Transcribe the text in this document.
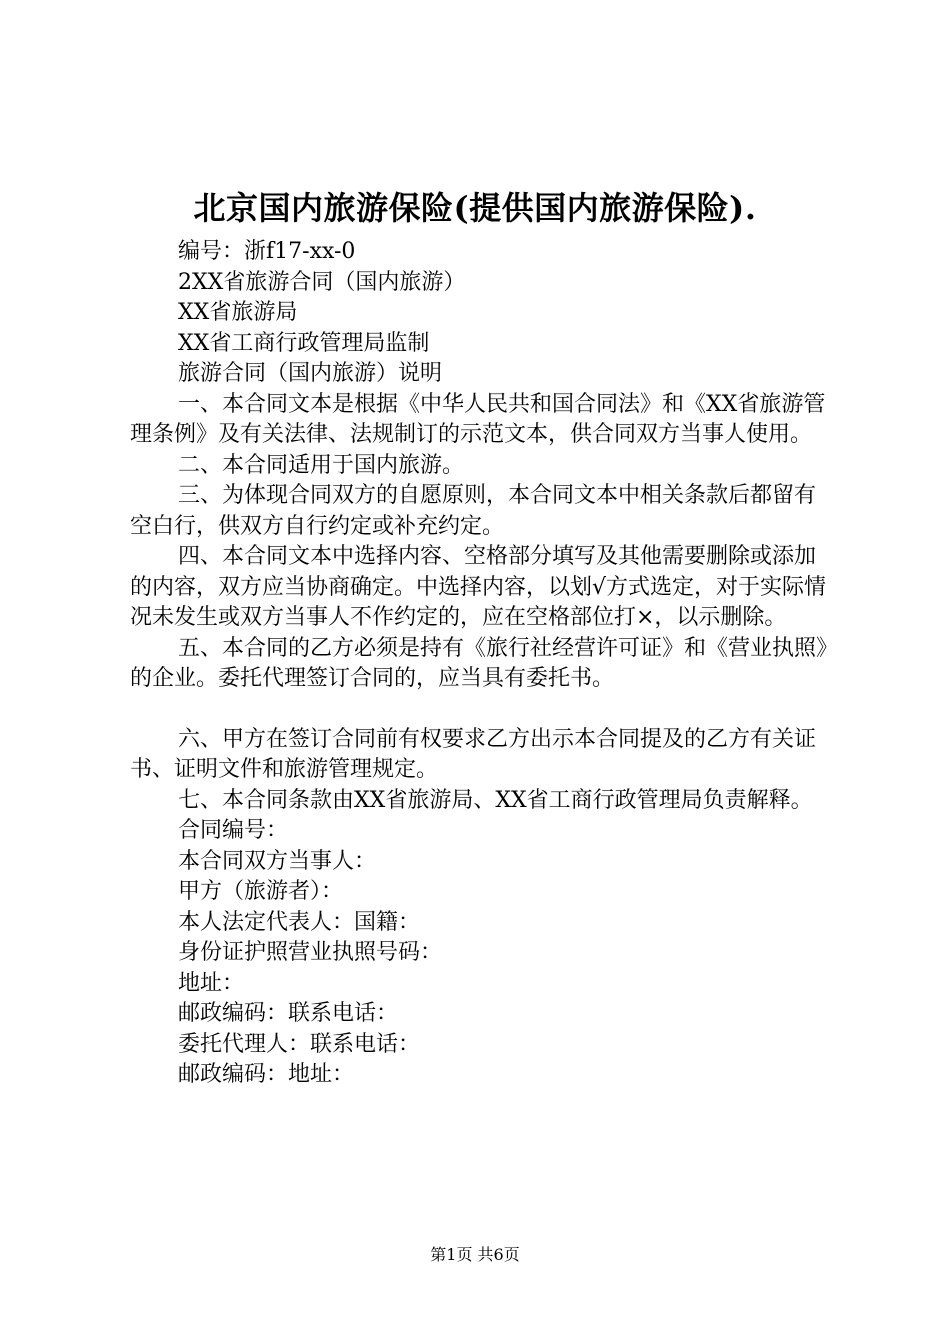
北京国内旅游保险(提供国内旅游保险).

编号：浙f17-xx-0

2XX省旅游合同（国内旅游）

XX省旅游局

XX省工商行政管理局监制

旅游合同（国内旅游）说明

一、本合同文本是根据《中华人民共和国合同法》和《XX省旅游管理条例》及有关法律、法规制订的示范文本，供合同双方当事人使用。

二、本合同适用于国内旅游。

三、为体现合同双方的自愿原则，本合同文本中相关条款后都留有空白行，供双方自行约定或补充约定。

四、本合同文本中选择内容、空格部分填写及其他需要删除或添加的内容，双方应当协商确定。中选择内容，以划√方式选定，对于实际情况未发生或双方当事人不作约定的，应在空格部位打×，以示删除。

五、本合同的乙方必须是持有《旅行社经营许可证》和《营业执照》的企业。委托代理签订合同的，应当具有委托书。

六、甲方在签订合同前有权要求乙方出示本合同提及的乙方有关证书、证明文件和旅游管理规定。

七、本合同条款由XX省旅游局、XX省工商行政管理局负责解释。

合同编号：

本合同双方当事人：

甲方（旅游者）：

本人法定代表人：国籍：

身份证护照营业执照号码：

地址：

邮政编码：联系电话：

委托代理人：联系电话：

邮政编码：地址：

第1页 共6页
